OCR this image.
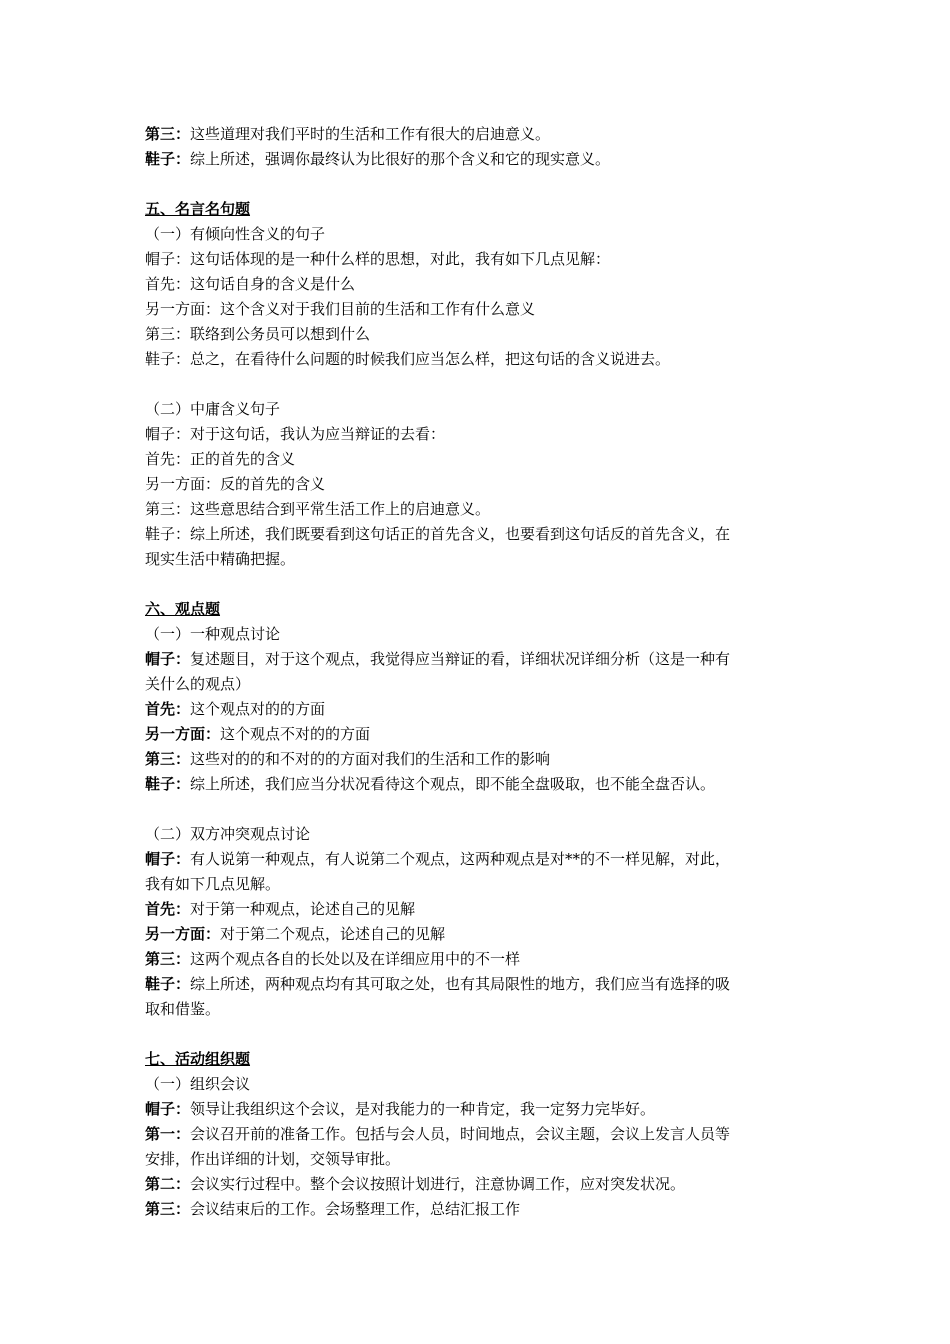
第三：这些道理对我们平时的生活和工作有很大的启迪意义。
鞋子：综上所述，强调你最终认为比很好的那个含义和它的现实意义。
五、名言名句题
（一）有倾向性含义的句子
帽子：这句话体现的是一种什么样的思想，对此，我有如下几点见解：
首先：这句话自身的含义是什么
另一方面：这个含义对于我们目前的生活和工作有什么意义
第三：联络到公务员可以想到什么
鞋子：总之，在看待什么问题的时候我们应当怎么样，把这句话的含义说进去。
（二）中庸含义句子
帽子：对于这句话，我认为应当辩证的去看：
首先：正的首先的含义
另一方面：反的首先的含义
第三：这些意思结合到平常生活工作上的启迪意义。
鞋子：综上所述，我们既要看到这句话正的首先含义，也要看到这句话反的首先含义，在
现实生活中精确把握。
六、观点题
（一）一种观点讨论
帽子：复述题目，对于这个观点，我觉得应当辩证的看，详细状况详细分析（这是一种有
关什么的观点）
首先：这个观点对的的方面
另一方面：这个观点不对的的方面
第三：这些对的的和不对的的方面对我们的生活和工作的影响
鞋子：综上所述，我们应当分状况看待这个观点，即不能全盘吸取，也不能全盘否认。
（二）双方冲突观点讨论
帽子：有人说第一种观点，有人说第二个观点，这两种观点是对**的不一样见解，对此，
我有如下几点见解。
首先：对于第一种观点，论述自己的见解
另一方面：对于第二个观点，论述自己的见解
第三：这两个观点各自的长处以及在详细应用中的不一样
鞋子：综上所述，两种观点均有其可取之处，也有其局限性的地方，我们应当有选择的吸
取和借鉴。
七、活动组织题
（一）组织会议
帽子：领导让我组织这个会议，是对我能力的一种肯定，我一定努力完毕好。
第一：会议召开前的准备工作。包括与会人员，时间地点，会议主题，会议上发言人员等
安排，作出详细的计划，交领导审批。
第二：会议实行过程中。整个会议按照计划进行，注意协调工作，应对突发状况。
第三：会议结束后的工作。会场整理工作，总结汇报工作
